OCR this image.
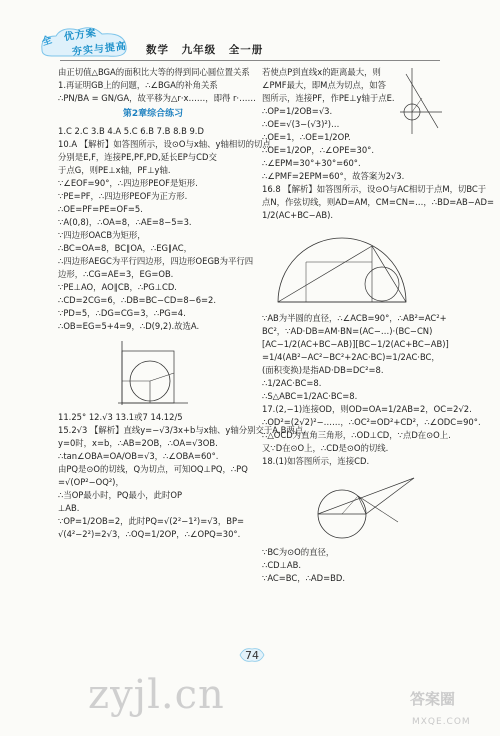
全 优方案
夯实与提高 数学 九年级 全一册

由正切值△BGA的面积比大等的得到同心圆位置关系

1.再证明GB上的问题，∴∠BGA的补角关系

∴PN/BA = GN/GA，故平移为△r·x……，即得 r·……

第2章综合练习

1.C 2.C 3.B 4.A 5.C 6.B 7.B 8.B 9.D

10.A 【解析】如答图所示，设⊙O与x轴、y轴相切的切点

分别是E,F，连接PE,PF,PD,延长EP与CD交

于点G，则PE⊥x轴，PF⊥y轴.

∵∠EOF=90°，∴四边形PEOF是矩形.

∵PE=PF，∴四边形PEOF为正方形.

∴OE=PF=PE=OF=5.

∵A(0,8)，∴OA=8，∴AE=8−5=3.

∵四边形OACB为矩形，

∴BC=OA=8，BC∥OA，∴EG∥AC，

∴四边形AEGC为平行四边形，四边形OEGB为平行四

边形，∴CG=AE=3，EG=OB.

∵PE⊥AO，AO∥CB，∴PG⊥CD.

∴CD=2CG=6，∴DB=BC−CD=8−6=2.

∵PD=5，∴DG=CG=3，∴PG=4.

∴OB=EG=5+4=9，∴D(9,2).故选A.

11.25° 12.√3 13.1或7 14.12/5

15.2√3 【解析】直线y=−√3/3x+b与x轴、y轴分别交于A,B两点，

y=0时，x=b，∴AB=2OB，∴OA=√3OB.

∴tan∠OBA=OA/OB=√3，∴∠OBA=60°.

由PQ是⊙O的切线，Q为切点，可知OQ⊥PQ，∴PQ

=√(OP²−OQ²)，

∴当OP最小时，PQ最小，此时OP

⊥AB.

∵OP=1/2OB=2，此时PQ=√(2²−1²)=√3，BP=

√(4²−2²)=2√3，∴OQ=1/2OP，∴∠OPQ=30°.

若使点P到直线x的距离最大，则

∠PMF最大，即M点为切点，如答

图所示，连接PF，作PE⊥y轴于点E.

∴OP=1/2OB=√3.

∴OE=√(3−(√3)²)…

∴OE=1，∴OE=1/2OP.

∴OE=1/2OP，∴∠OPE=30°.

∴∠EPM=30°+30°=60°.

∴∠PMF=2EPM=60°，故答案为2√3.

16.8 【解析】如答图所示，设⊙O与AC相切于点M，切BC于

点N，作弦切线，则AD=AM，CM=CN=…，∴BD=AB−AD=

1/2(AC+BC−AB).

∵AB为半圆的直径，∴∠ACB=90°，∴AB²=AC²+

BC²，∵AD·DB=AM·BN=(AC−…)·(BC−CN)

[AC−1/2(AC+BC−AB)][BC−1/2(AC+BC−AB)]

=1/4(AB²−AC²−BC²+2AC·BC)=1/2AC·BC，

(面积变换)是指AD·DB=DC²=8.

∴1/2AC·BC=8.

∴S△ABC=1/2AC·BC=8.

17.(2,−1)连接OD，则OD=OA=1/2AB=2，OC=2√2.

∴OD²=(2√2)²−……，∴OC²=OD²+CD²，∴∠ODC=90°.

∴△OCD为直角三角形，∴OD⊥CD，∵点D在⊙O上.

又∵D在⊙O上，∴CD是⊙O的切线.

18.(1)如答图所示，连接CD.

∵BC为⊙O的直径，

∴CD⊥AB.

∵AC=BC，∴AD=BD.

74
zyjl.cn	答案圈
MXQE.COM
